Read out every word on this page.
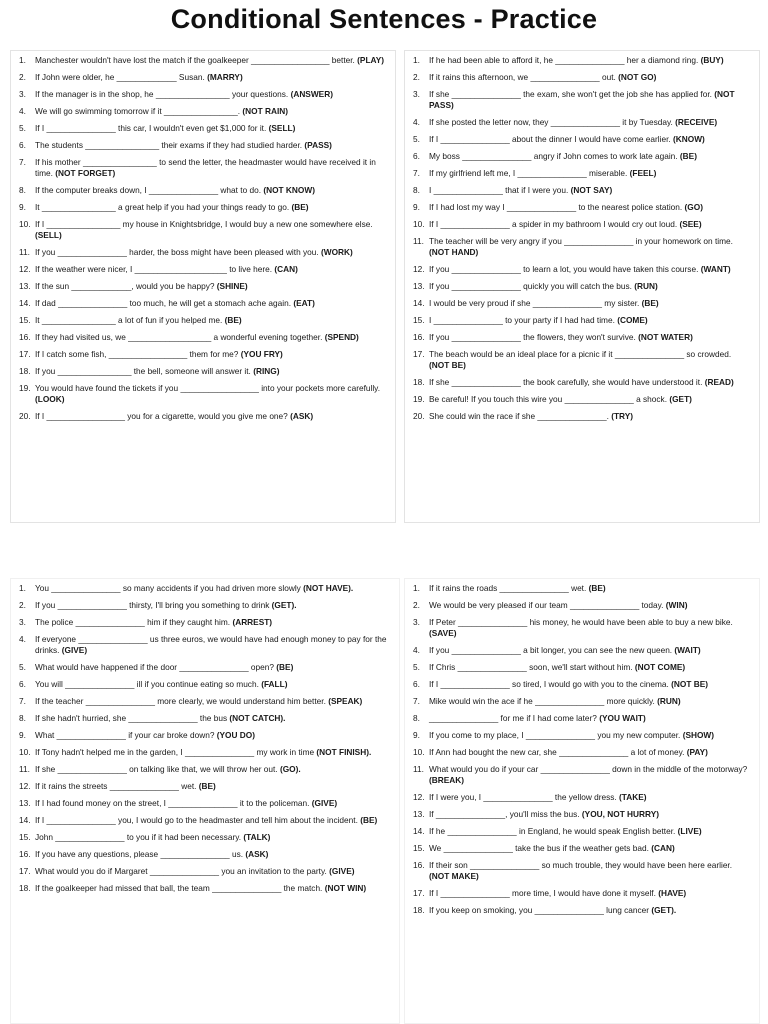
Conditional Sentences - Practice
1.	Manchester wouldn't have lost the match if the goalkeeper _________________ better. (PLAY)
2.	If John were older, he _____________ Susan. (MARRY)
3.	If the manager is in the shop, he ________________ your questions. (ANSWER)
4.	We will go swimming tomorrow if it ________________. (NOT RAIN)
5.	If I _______________ this car, I wouldn't even get $1,000 for it. (SELL)
6.	The students ________________ their exams if they had studied harder. (PASS)
7.	If his mother ________________ to send the letter, the headmaster would have received it in time. (NOT FORGET)
8.	If the computer breaks down, I _______________ what to do. (NOT KNOW)
9.	It ________________ a great help if you had your things ready to go. (BE)
10. If I ________________ my house in Knightsbridge, I would buy a new one somewhere else. (SELL)
11. If you _______________ harder, the boss might have been pleased with you. (WORK)
12. If the weather were nicer, I ____________________ to live here. (CAN)
13. If the sun _____________, would you be happy? (SHINE)
14. If dad _______________ too much, he will get a stomach ache again. (EAT)
15. It ________________ a lot of fun if you helped me. (BE)
16. If they had visited us, we __________________ a wonderful evening together. (SPEND)
17. If I catch some fish, _________________ them for me? (YOU FRY)
18. If you ________________ the bell, someone will answer it. (RING)
19. You would have found the tickets if you _________________ into your pockets more carefully. (LOOK)
20. If I _________________ you for a cigarette, would you give me one? (ASK)
1.	If he had been able to afford it, he _______________ her a diamond ring. (BUY)
2.	If it rains this afternoon, we _______________ out. (NOT GO)
3.	If she _______________ the exam, she won't get the job she has applied for. (NOT PASS)
4.	If she posted the letter now, they _______________ it by Tuesday. (RECEIVE)
5.	If I _______________ about the dinner I would have come earlier. (KNOW)
6.	My boss _______________ angry if John comes to work late again. (BE)
7.	If my girlfriend left me, I _______________ miserable. (FEEL)
8.	I _______________ that if I were you. (NOT SAY)
9.	If I had lost my way I _______________ to the nearest police station. (GO)
10. If I _______________ a spider in my bathroom I would cry out loud. (SEE)
11. The teacher will be very angry if you _______________ in your homework on time. (NOT HAND)
12. If you _______________ to learn a lot, you would have taken this course. (WANT)
13. If you _______________ quickly you will catch the bus. (RUN)
14. I would be very proud if she _______________ my sister. (BE)
15. I _______________ to your party if I had had time. (COME)
16. If you _______________ the flowers, they won't survive. (NOT WATER)
17. The beach would be an ideal place for a picnic if it _______________ so crowded. (NOT BE)
18. If she _______________ the book carefully, she would have understood it. (READ)
19. Be careful! If you touch this wire you _______________ a shock. (GET)
20. She could win the race if she _______________. (TRY)
1.	You _______________ so many accidents if you had driven more slowly (NOT HAVE).
2.	If you _______________ thirsty, I'll bring you something to drink (GET).
3.	The police _______________ him if they caught him. (ARREST)
4.	If everyone _______________ us three euros, we would have had enough money to pay for the drinks. (GIVE)
5.	What would have happened if the door _______________ open? (BE)
6.	You will _______________ ill if you continue eating so much. (FALL)
7.	If the teacher _______________ more clearly, we would understand him better. (SPEAK)
8.	If she hadn't hurried, she _______________ the bus (NOT CATCH).
9.	What _______________ if your car broke down? (YOU DO)
10. If Tony hadn't helped me in the garden, I _______________ my work in time (NOT FINISH).
11. If she _______________ on talking like that, we will throw her out. (GO).
12. If it rains the streets _______________ wet. (BE)
13. If I had found money on the street, I _______________ it to the policeman. (GIVE)
14. If I _______________ you, I would go to the headmaster and tell him about the incident. (BE)
15. John _______________ to you if it had been necessary. (TALK)
16. If you have any questions, please _______________ us. (ASK)
17. What would you do if Margaret _______________ you an invitation to the party. (GIVE)
18. If the goalkeeper had missed that ball, the team _______________ the match. (NOT WIN)
1.	If it rains the roads _______________ wet. (BE)
2.	We would be very pleased if our team _______________ today. (WIN)
3.	If Peter _______________ his money, he would have been able to buy a new bike. (SAVE)
4.	If you _______________ a bit longer, you can see the new queen. (WAIT)
5.	If Chris _______________ soon, we'll start without him. (NOT COME)
6.	If I _______________ so tired, I would go with you to the cinema. (NOT BE)
7.	Mike would win the ace if he _______________ more quickly. (RUN)
8.	_______________ for me if I had come later? (YOU WAIT)
9.	If you come to my place, I _______________ you my new computer. (SHOW)
10. If Ann had bought the new car, she _______________ a lot of money. (PAY)
11. What would you do if your car _______________ down in the middle of the motorway? (BREAK)
12. If I were you, I _______________ the yellow dress. (TAKE)
13. If _______________, you'll miss the bus. (YOU, NOT HURRY)
14. If he _______________ in England, he would speak English better. (LIVE)
15. We _______________ take the bus if the weather gets bad. (CAN)
16. If their son _______________ so much trouble, they would have been here earlier. (NOT MAKE)
17. If I _______________ more time, I would have done it myself. (HAVE)
18. If you keep on smoking, you _______________ lung cancer (GET).
